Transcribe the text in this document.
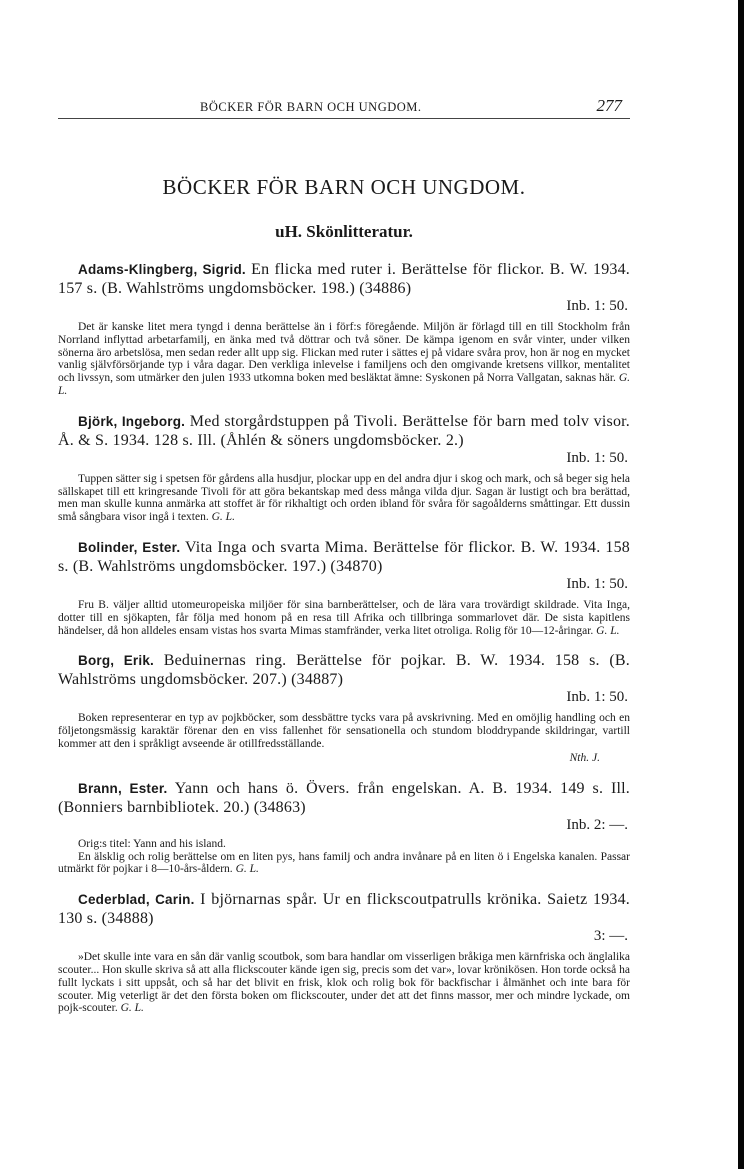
BÖCKER FÖR BARN OCH UNGDOM.	277
BÖCKER FÖR BARN OCH UNGDOM.
uH. Skönlitteratur.
Adams-Klingberg, Sigrid. En flicka med ruter i. Berättelse för flickor. B. W. 1934. 157 s. (B. Wahlströms ungdomsböcker. 198.) (34886)
Inb. 1: 50.
Det är kanske litet mera tyngd i denna berättelse än i förf:s föregående. Miljön är förlagd till en till Stockholm från Norrland inflyttad arbetarfamilj, en änka med två döttrar och två söner. De kämpa igenom en svår vinter, under vilken sönerna äro arbetslösa, men sedan reder allt upp sig. Flickan med ruter i sättes ej på vidare svåra prov, hon är nog en mycket vanlig självförsörjande typ i våra dagar. Den verkliga inlevelse i familjens och den omgivande kretsens villkor, mentalitet och livssyn, som utmärker den julen 1933 utkomna boken med besläktat ämne: Syskonen på Norra Vallgatan, saknas här. G. L.
Björk, Ingeborg. Med storgårdstuppen på Tivoli. Berättelse för barn med tolv visor. Å. & S. 1934. 128 s. Ill. (Åhlén & söners ungdomsböcker. 2.)
Inb. 1: 50.
Tuppen sätter sig i spetsen för gårdens alla husdjur, plockar upp en del andra djur i skog och mark, och så beger sig hela sällskapet till ett kringresande Tivoli för att göra bekantskap med dess många vilda djur. Sagan är lustigt och bra berättad, men man skulle kunna anmärka att stoffet är för rikhaltigt och orden ibland för svåra för sagoålderns småttingar. Ett dussin små sångbara visor ingå i texten. G. L.
Bolinder, Ester. Vita Inga och svarta Mima. Berättelse för flickor. B. W. 1934. 158 s. (B. Wahlströms ungdomsböcker. 197.) (34870)
Inb. 1: 50.
Fru B. väljer alltid utomeuropeiska miljöer för sina barnberättelser, och de lära vara trovärdigt skildrade. Vita Inga, dotter till en sjökapten, får följa med honom på en resa till Afrika och tillbringa sommarlovet där. De sista kapitlens händelser, då hon alldeles ensam vistas hos svarta Mimas stamfränder, verka litet otroliga. Rolig för 10—12-åringar. G. L.
Borg, Erik. Beduinernas ring. Berättelse för pojkar. B. W. 1934. 158 s. (B. Wahlströms ungdomsböcker. 207.) (34887)
Inb. 1: 50.
Boken representerar en typ av pojkböcker, som dessbättre tycks vara på avskrivning. Med en omöjlig handling och en följetongsmässig karaktär förenar den en viss fallenhet för sensationella och stundom bloddrypande skildringar, vartill kommer att den i språkligt avseende är otillfredsställande.
Nth. J.
Brann, Ester. Yann och hans ö. Övers. från engelskan. A. B. 1934. 149 s. Ill. (Bonniers barnbibliotek. 20.) (34863)
Inb. 2: —.
Orig:s titel: Yann and his island.
En älsklig och rolig berättelse om en liten pys, hans familj och andra invånare på en liten ö i Engelska kanalen. Passar utmärkt för pojkar i 8—10-års-åldern. G. L.
Cederblad, Carin. I björnarnas spår. Ur en flickscoutpatrulls krönika. Saietz 1934. 130 s. (34888)
3: —.
»Det skulle inte vara en sån där vanlig scoutbok, som bara handlar om visserligen bråkiga men kärnfriska och änglalika scouter... Hon skulle skriva så att alla flickscouter kände igen sig, precis som det var», lovar krönikösen. Hon torde också ha fullt lyckats i sitt uppsåt, och så har det blivit en frisk, klok och rolig bok för backfischar i ålmänhet och inte bara för scouter. Mig veterligt är det den första boken om flickscouter, under det att det finns massor, mer och mindre lyckade, om pojk-scouter. G. L.
